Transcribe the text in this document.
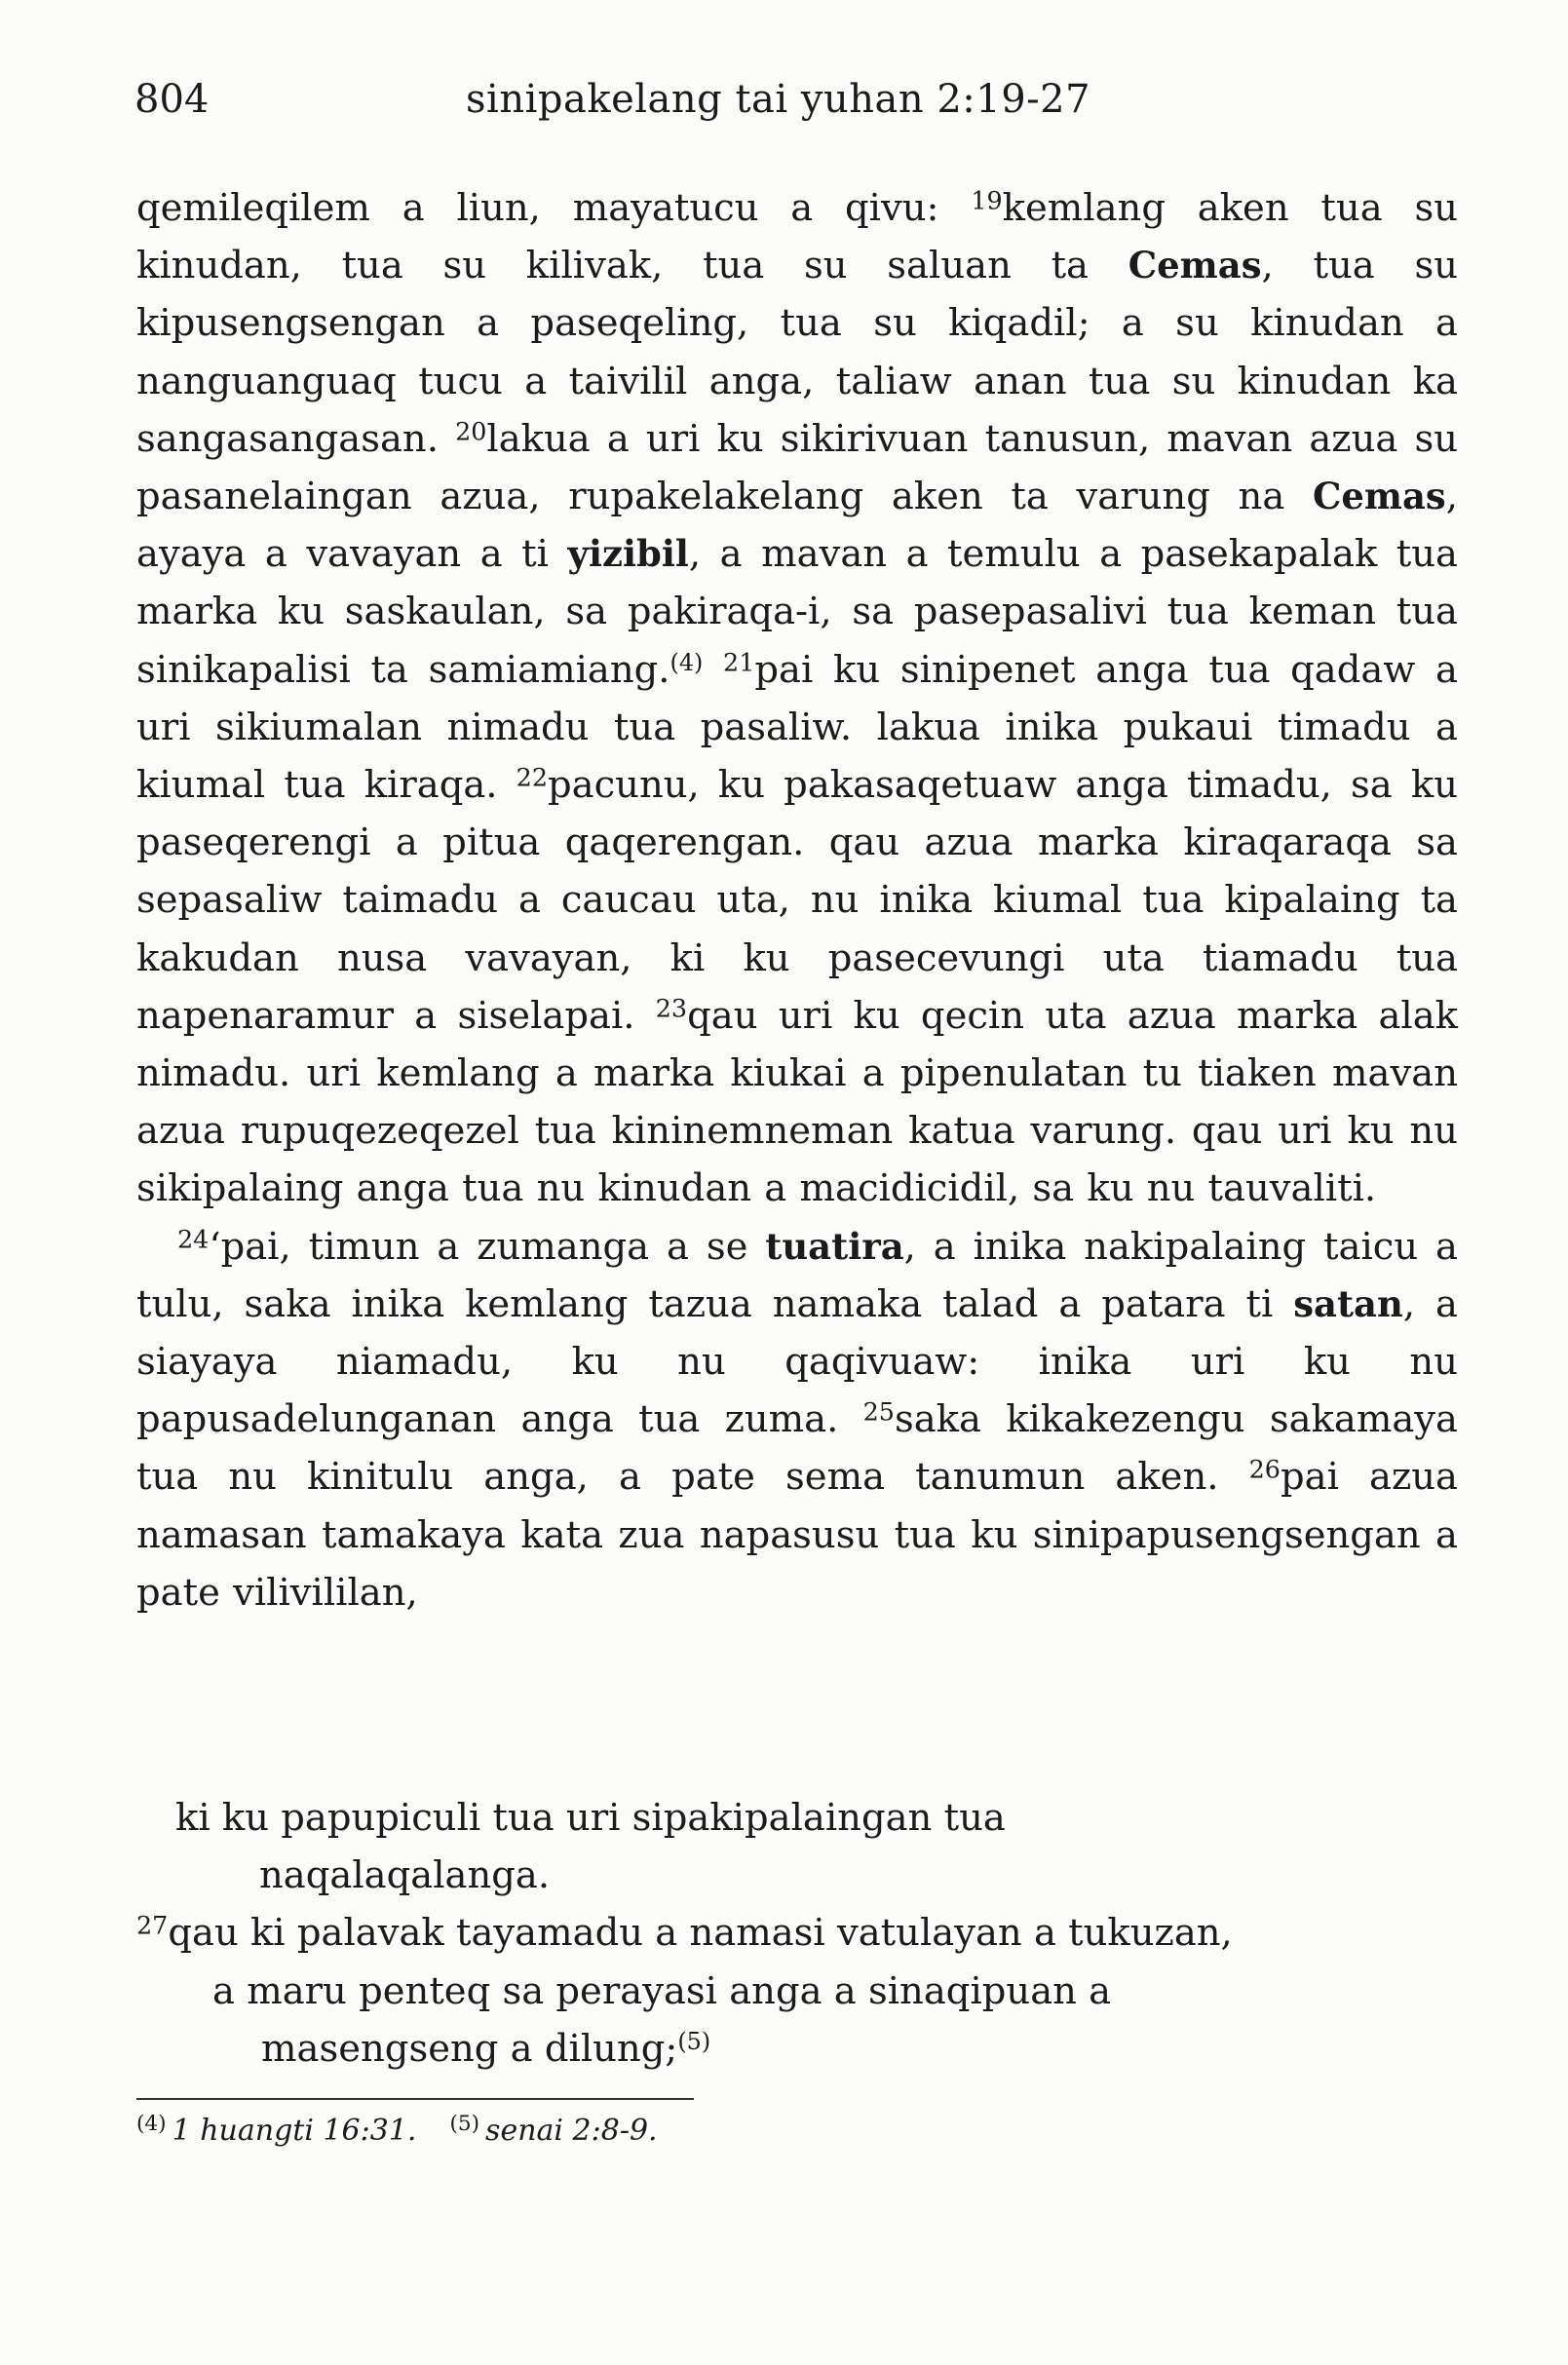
804	sinipakelang tai yuhan 2:19-27

qemileqilem a liun, mayatucu a qivu: $^{19}$kemlang aken tua su kinudan, tua su kilivak, tua su saluan ta Cemas, tua su kipusengsengan a paseqeling, tua su kiqadil; a su kinudan a nanguanguaq tucu a taivilil anga, taliaw anan tua su kinudan ka sangasangasan. $^{20}$lakua a uri ku sikirivuan tanusun, mavan azua su pasanelaingan azua, rupakelakelang aken ta varung na Cemas, ayaya a vavayan a ti yizibil, a mavan a temulu a pasekapalak tua marka ku saskaulan, sa pakiraqa-i, sa pasepasalivi tua keman tua sinikapalisi ta samiamiang.$^{(4)}$ $^{21}$pai ku sinipenet anga tua qadaw a uri sikiumalan nimadu tua pasaliw. lakua inika pukaui timadu a kiumal tua kiraqa. $^{22}$pacunu, ku pakasaqetuaw anga timadu, sa ku paseqerengi a pitua qaqerengan. qau azua marka kiraqaraqa sa sepasaliw taimadu a caucau uta, nu inika kiumal tua kipalaing ta kakudan nusa vavayan, ki ku pasecevungi uta tiamadu tua napenaramur a siselapai. $^{23}$qau uri ku qecin uta azua marka alak nimadu. uri kemlang a marka kiukai a pipenulatan tu tiaken mavan azua rupuqezeqezel tua kininemneman katua varung. qau uri ku nu sikipalaing anga tua nu kinudan a macidicidil, sa ku nu tauvaliti.

$^{24}$‘pai, timun a zumanga a se tuatira, a inika nakipalaing taicu a tulu, saka inika kemlang tazua namaka talad a patara ti satan, a siayaya niamadu, ku nu qaqivuaw: inika uri ku nu papusadelunganan anga tua zuma. $^{25}$saka kikakezengu sakamaya tua nu kinitulu anga, a pate sema tanumun aken. $^{26}$pai azua namasan tamakaya kata zua napasusu tua ku sinipapusengsengan a pate vilivililan,

ki ku papupiculi tua uri sipakipalaingan tua
naqalaqalanga.
$^{27}$qau ki palavak tayamadu a namasi vatulayan a tukuzan,
a maru penteq sa perayasi anga a sinaqipuan a
masengseng a dilung;$^{(5)}$
$^{(4)}$ 1 huangti 16:31. $^{(5)}$ senai 2:8-9.
